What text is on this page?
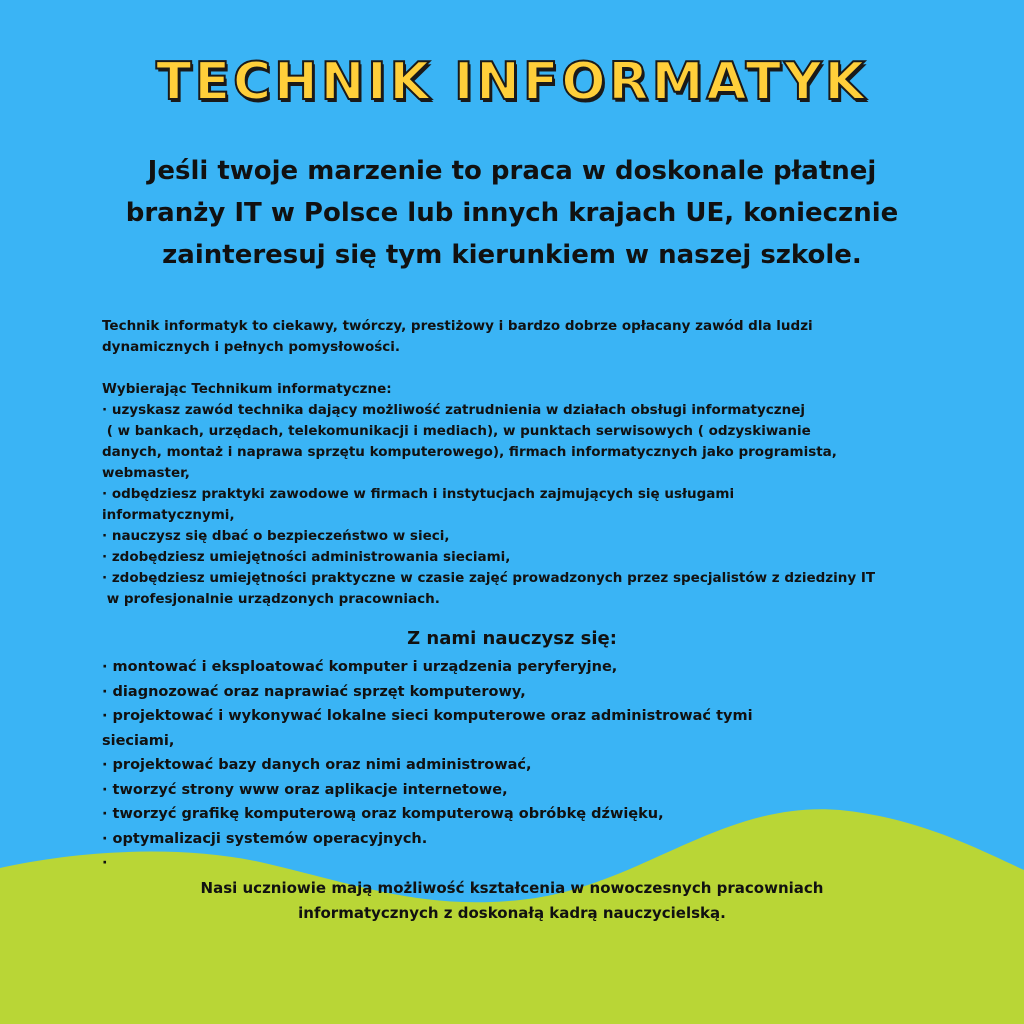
TECHNIK INFORMATYK
Jeśli twoje marzenie to praca w doskonale płatnej
branży IT w Polsce lub innych krajach UE, koniecznie
zainteresuj się tym kierunkiem w naszej szkole.
Technik informatyk to ciekawy, twórczy, prestiżowy i bardzo dobrze opłacany zawód dla ludzi
dynamicznych i pełnych pomysłowości.
Wybierając Technikum informatyczne:
· uzyskasz zawód technika dający możliwość zatrudnienia w działach obsługi informatycznej
( w bankach, urzędach, telekomunikacji i mediach), w punktach serwisowych ( odzyskiwanie
danych, montaż i naprawa sprzętu komputerowego), firmach informatycznych jako programista,
webmaster,
· odbędziesz praktyki zawodowe w firmach i instytucjach zajmujących się usługami
informatycznymi,
· nauczysz się dbać o bezpieczeństwo w sieci,
· zdobędziesz umiejętności administrowania sieciami,
· zdobędziesz umiejętności praktyczne w czasie zajęć prowadzonych przez specjalistów z dziedziny IT
w profesjonalnie urządzonych pracowniach.
Z nami nauczysz się:
· montować i eksploatować komputer i urządzenia peryferyjne,
· diagnozować oraz naprawiać sprzęt komputerowy,
· projektować i wykonywać lokalne sieci komputerowe oraz administrować tymi
sieciami,
· projektować bazy danych oraz nimi administrować,
· tworzyć strony www oraz aplikacje internetowe,
· tworzyć grafikę komputerową oraz komputerową obróbkę dźwięku,
· optymalizacji systemów operacyjnych.
·
Nasi uczniowie mają możliwość kształcenia w nowoczesnych pracowniach
informatycznych z doskonałą kadrą nauczycielską.
